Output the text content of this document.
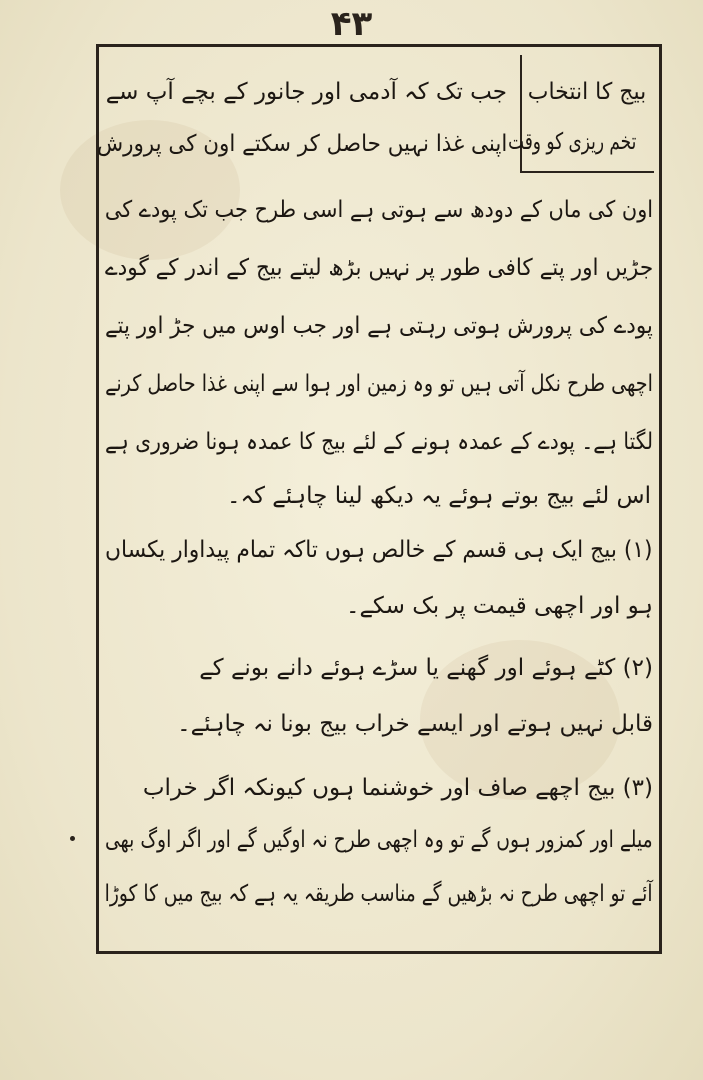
۴۳
بیج کا انتخاب
تخم ریزی کو وقت
جب تک کہ آدمی اور جانور کے بچے آپ سے
اپنی غذا نہیں حاصل کر سکتے اون کی پرورش
اون کی ماں کے دودھ سے ہوتی ہے اسی طرح جب تک پودے کی
جڑیں اور پتے کافی طور پر نہیں بڑھ لیتے بیج کے اندر کے گودے
پودے کی پرورش ہوتی رہتی ہے اور جب اوس میں جڑ اور پتے
اچھی طرح نکل آتی ہیں تو وہ زمین اور ہوا سے اپنی غذا حاصل کرنے
لگتا ہے۔ پودے کے عمدہ ہونے کے لئے بیج کا عمدہ ہونا ضروری ہے
اس لئے بیج بوتے ہوئے یہ دیکھ لینا چاہئے کہ۔
(۱) بیج ایک ہی قسم کے خالص ہوں تاکہ تمام پیداوار یکساں
ہو اور اچھی قیمت پر بک سکے۔
(۲) کٹے ہوئے اور گھنے یا سڑے ہوئے دانے بونے کے
قابل نہیں ہوتے اور ایسے خراب بیج بونا نہ چاہئے۔
(۳) بیج اچھے صاف اور خوشنما ہوں کیونکہ اگر خراب
میلے اور کمزور ہوں گے تو وہ اچھی طرح نہ اوگیں گے اور اگر اوگ بھی
آئے تو اچھی طرح نہ بڑھیں گے مناسب طریقہ یہ ہے کہ بیج میں کا کوڑا
